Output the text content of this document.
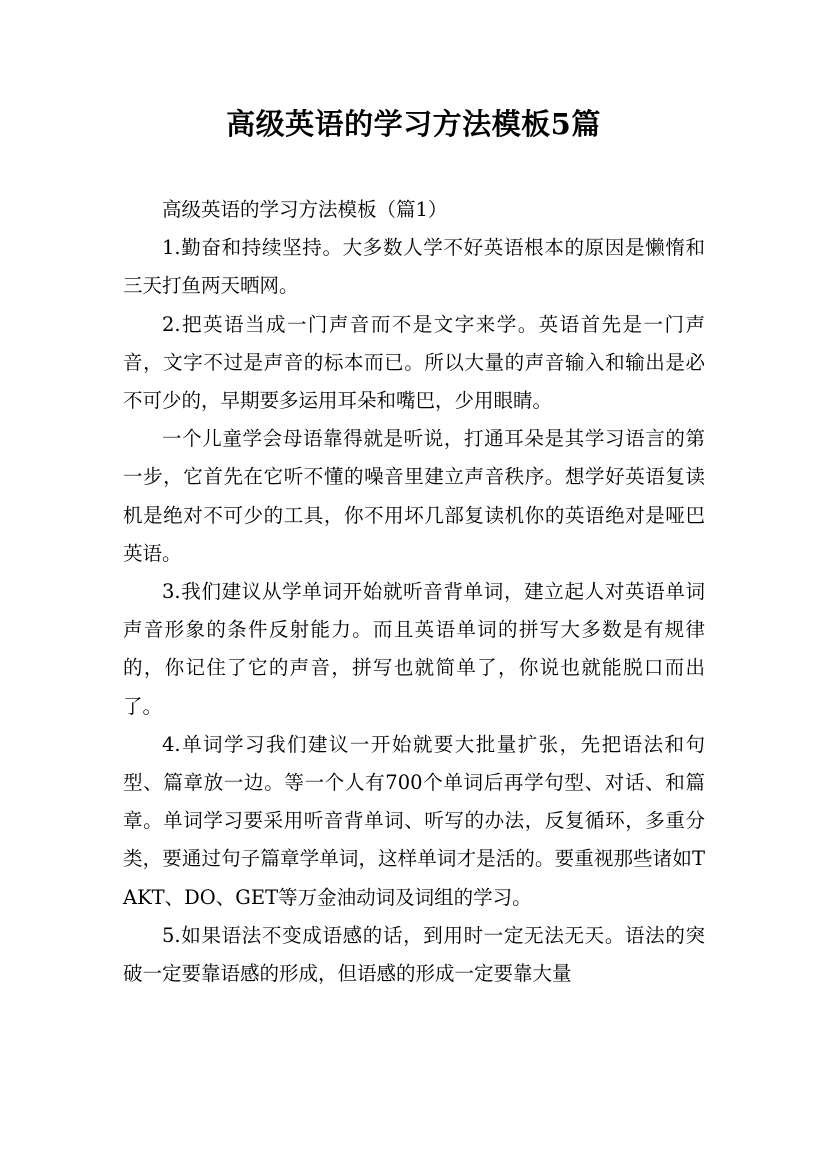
高级英语的学习方法模板5篇

高级英语的学习方法模板（篇1）

1.勤奋和持续坚持。大多数人学不好英语根本的原因是懒惰和三天打鱼两天晒网。

2.把英语当成一门声音而不是文字来学。英语首先是一门声音，文字不过是声音的标本而已。所以大量的声音输入和输出是必不可少的，早期要多运用耳朵和嘴巴，少用眼睛。

一个儿童学会母语靠得就是听说，打通耳朵是其学习语言的第一步，它首先在它听不懂的噪音里建立声音秩序。想学好英语复读机是绝对不可少的工具，你不用坏几部复读机你的英语绝对是哑巴英语。

3.我们建议从学单词开始就听音背单词，建立起人对英语单词声音形象的条件反射能力。而且英语单词的拼写大多数是有规律的，你记住了它的声音，拼写也就简单了，你说也就能脱口而出了。

4.单词学习我们建议一开始就要大批量扩张，先把语法和句型、篇章放一边。等一个人有700个单词后再学句型、对话、和篇章。单词学习要采用听音背单词、听写的办法，反复循环，多重分类，要通过句子篇章学单词，这样单词才是活的。要重视那些诸如TAKT、DO、GET等万金油动词及词组的学习。

5.如果语法不变成语感的话，到用时一定无法无天。语法的突破一定要靠语感的形成，但语感的形成一定要靠大量
